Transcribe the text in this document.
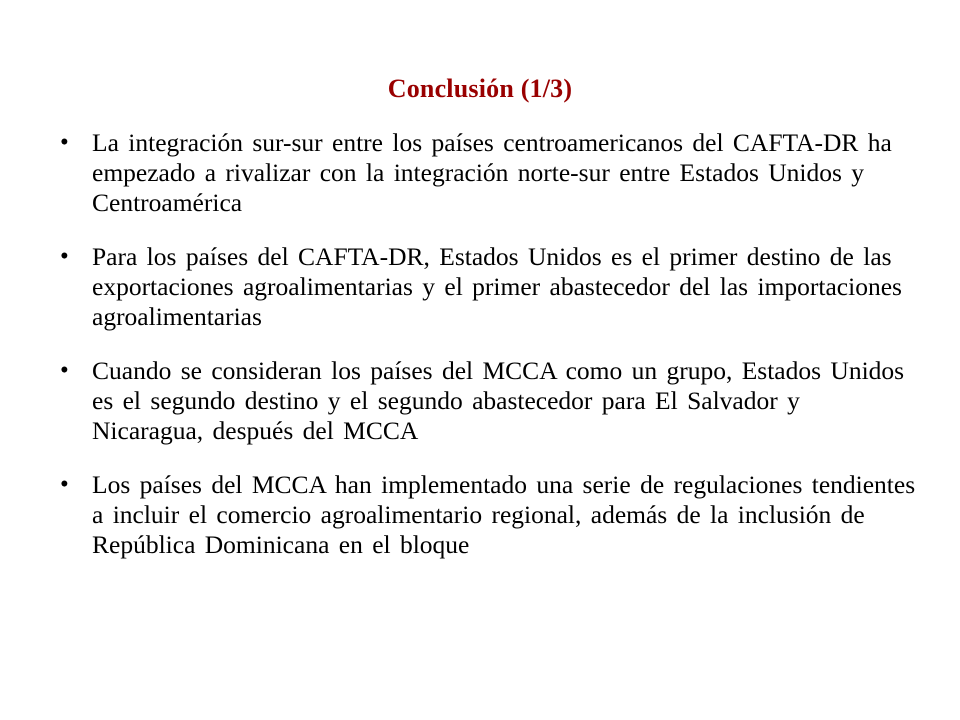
Conclusión (1/3)
• La integración sur-sur entre los países centroamericanos del CAFTA-DR ha empezado a rivalizar con la integración norte-sur entre Estados Unidos y Centroamérica
• Para los países del CAFTA-DR, Estados Unidos es el primer destino de las exportaciones agroalimentarias y el primer abastecedor del las importaciones agroalimentarias
• Cuando se consideran los países del MCCA como un grupo, Estados Unidos es el segundo destino y el segundo abastecedor para El Salvador y Nicaragua, después del MCCA
• Los países del MCCA han implementado una serie de regulaciones tendientes a incluir el comercio agroalimentario regional, además de la inclusión de República Dominicana en el bloque
